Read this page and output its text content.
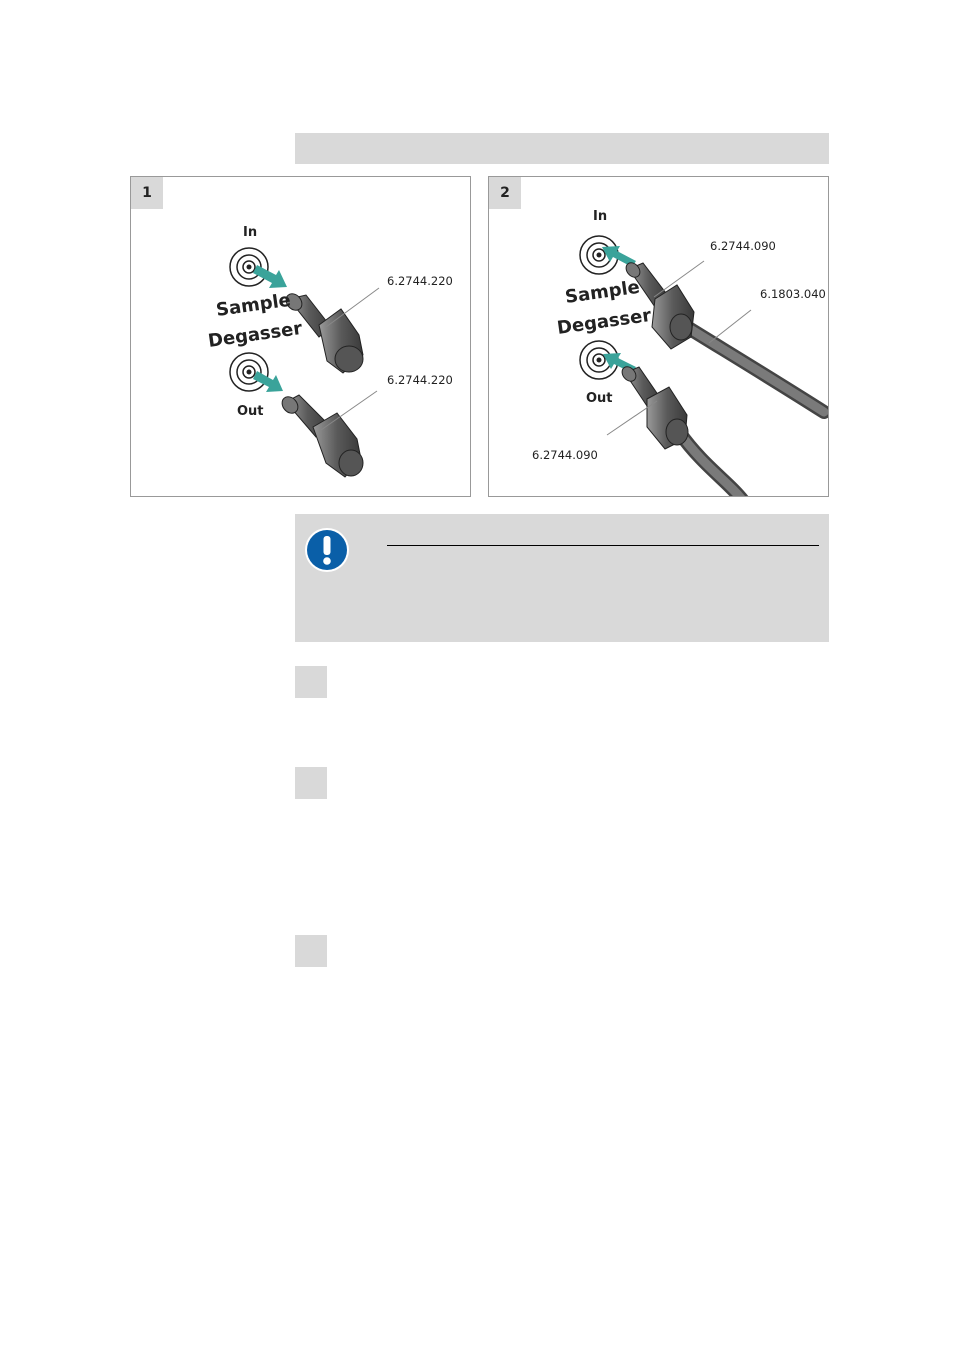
1
In
Sample
Degasser
Out
6.2744.220
6.2744.220
2
In
Sample
Degasser
Out
6.2744.090
6.1803.040
6.2744.090
